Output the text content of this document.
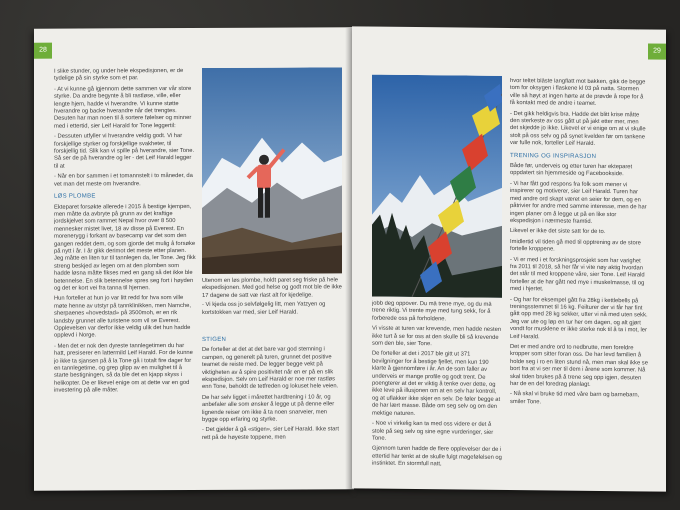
28

I slike stunder, og under hele ekspedisjonen, er de tydelige på sin styrke som et par.

- At vi kunne gå igjennom dette sammen var vår store styrke. Da andre begynte å bli rastløse, ville, eller lengte hjem, hadde vi hverandre. Vi kunne støtte hverandre og backe hverandre når det trengtes. Desuten har man noen til å sortere følelser og minner med i ettertid, sier Leif Harald for Tone leggertil:

- Dessuten utfyller vi hverandre veldig godt. Vi har forskjellige styrker og forskjellige svakheter, til forskjellig tid. Slik kan vi spille på hverandre, sier Tone. Så ser de på hverandre og ler - det Leif Harald legger til at

- Når en bor sammen i et tomannstelt i to måneder, da vet man det meste om hverandre.

LØS PLOMBE

Ekteparet forsøkte allerede i 2015 å bestige kjempen, men måtte da avbryte på grunn av det kraftige jordskjelvet som rammet Nepal hvor over 8 500 mennesker mistet livet, 18 av disse på Everest. En morenerygg i forkant av basecamp var det som den gangen reddet dem, og som gjorde det mulig å forsøke på nytt i år. I år gikk derimot det meste etter planen. Jeg måtte en liten tur til tannlegen da, ler Tone. Jeg fikk streng beskjed av legen om at den plomben som hadde løsna måtte fikses med en gang så det ikke ble betennelse. En slik betennelse spres seg fort i høyden og det er kort vei fra tanna til hjernen.

Hun forteller at hun jo var litt redd for hva som ville møte henne av utstyr på tannklinikken, men Namche, sherpaenes «hovedstad» på 3500moh, er en rik landsby grunnet alle turistene som vil se Everest. Opplevelsen var derfor ikke veldig ulik det hun hadde opplevd i Norge.

- Men det er nok den dyreste tannlegetimen du har hatt, presiserer en lattermild Leif Harald. For de kunne jo ikke ta sjansen på å la Tone gå i totalt fire dager for en tannlegetime, og grep glipp av en mulighet til å starte bestigningen, så da ble det en kjapp skyss i helikopter. De er likevel enige om at dette var en god investering på alle måter.

Utenom en løs plombe, holdt paret seg friske på hele ekspedisjonen. Med god helse og godt mot ble de ikke 17 dagene de satt væ rlast alt for kjedelige.

- Vi kjeda oss jo selvfølgelig litt, men Yatzyen og kortstokken var med, sier Leif Harald.

STIGEN

De forteller at det at det bare var god stemning i campen, og generelt på turen, grunnet det positive teamet de reiste med. De legger begge vekt på viktigheten av å spire positivitet når en er på en slik ekspedisjon. Selv om Leif Harald er noe mer rastløs enn Tone, beholdt de tetfreden og lokuset hele veien.

De har selv ligget i mårettet hardtrening i 10 år, og anbefaler alle som ønsker å legge ut på denne eller lignende reiser om ikke å ta noen snarveier, men bygge opp erfaring og styrke.

- Det gjelder å gå «stigen», sier Leif Harald. Ikke start rett på de høyeste toppene, men

29

jobb deg oppover. Du må trene mye, og du må trene riktig. Vi trente mye med tung sekk, for å forberede oss på forholdene.

Vi visste at turen var krevende, men hadde nesten ikke turt å se for oss at den skulle bli så krevende som den ble, sier Tone.

De forteller at det i 2017 ble gitt ut 371 bevilgninger for å bestige fjellet, men kun 190 klarte å gjennomføre i år. An de som faller av underveis er mange profile og godt trent. De poengterer at det er viktig å tenke over dette, og ikke leve på illusjonen om at en selv har kontroll, og at uflakker ikke skjer en selv. De føler begge at de har lært masse. Både om seg selv og om den mektige naturen.

- Noe vi virkelig kan ta med oss videre er det å stole på seg selv og sine egne vurderinger, sier Tone.

Gjennom turen hadde de flere opplevelser der de i ettertid har tenkt at de skulle fulgt magefølelsen og instinktet. En stormfull natt,

hvor teltet blåste langflatt mot bakken, gikk de begge tom for oksygen i flaskene kl 03 på natta. Stormen ville så høyt at ingen hørte at de prøvde å rope for å få kontakt med de andre i teamet.

- Det gikk heldigvis bra. Hadde det blitt krise måtte den sterkeste av oss gått ut på jakt etter mer, men det skjedde jo ikke. Likevel er vi enige om at vi skulle stolt på oss selv og på synet kvelden før om tankene var fulle nok, forteller Leif Harald.

TRENING OG INSPIRASJON

Både før, underveis og etter turen har ekteparet oppdatert sin hjemmeside og Facebookside.

- Vi har fått god respons fra folk som mener vi inspirerer og motiverer, sier Leif Harald. Turen har med andre ord skapt været en seier for dem, og en påtrivier for andre med samme interesse, men de har ingen planer om å legge ut på en like stor ekspedisjon i nærmeste framtid.

Likevel er ikke det siste satt for de to.

Imidlertid vil tiden gå med til opptrening av de store fortelle kroppene.

- Vi er med i et forskningsprosjekt som har varighet fra 2011 til 2018, så her får vi vite nøy aktig hvordan det står til med kroppene våre, sier Tone. Leif Harald forteller at de har gått ned mye i muskelmasse, til og med i hjertet.

- Og har for eksempel gått fra 28kg i kettlebells på treningsstemmet til 16 kg. Feilturer der vi får har fint gått opp med 28 kg sekker, utter vi nå med uten sekk. Jeg var ute og løp en tur her om dagen, og alt gjørt vondt for musklene er ikke sterke nok til å ta i mot, ler Leif Harald.

Det er med andre ord to nedbrutte, men foreldre kropper som sitter foran oss. De har levd familien å holde seg i ro en liten stund nå, men man skal ikke se bort fra at vi ser mer til dem i årene som kommer. Nå skal tiden brukes på å trene seg opp igjen, desuten har de en del foredrag planlagt.

- Nå skal vi bruke tid med våre barn og barnebarn, smiler Tone.
